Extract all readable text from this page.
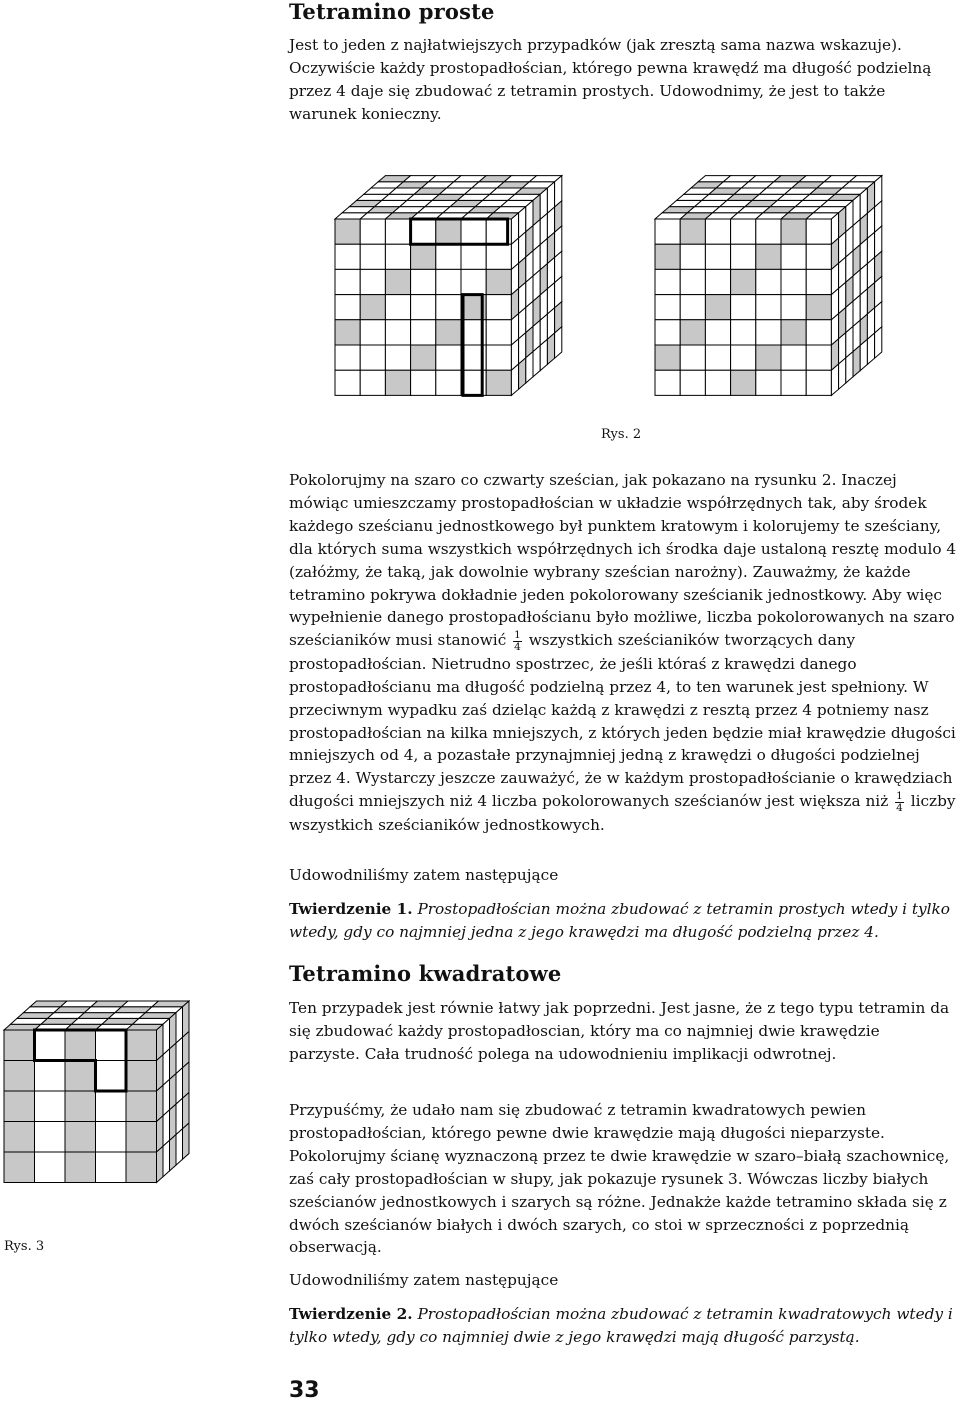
Tetramino proste

Jest to jeden z najłatwiejszych przypadków (jak zresztą sama nazwa wskazuje). Oczywiście każdy prostopadłościan, którego pewna krawędź ma długość podzielną przez 4 daje się zbudować z tetramin prostych. Udowodnimy, że jest to także warunek konieczny.

Rys. 2

Pokolorujmy na szaro co czwarty sześcian, jak pokazano na rysunku 2. Inaczej mówiąc umieszczamy prostopadłościan w układzie współrzędnych tak, aby środek każdego sześcianu jednostkowego był punktem kratowym i kolorujemy te sześciany, dla których suma wszystkich współrzędnych ich środka daje ustaloną resztę modulo 4 (załóżmy, że taką, jak dowolnie wybrany sześcian narożny). Zauważmy, że każde tetramino pokrywa dokładnie jeden pokolorowany sześcianik jednostkowy. Aby więc wypełnienie danego prostopadłościanu było możliwe, liczba pokolorowanych na szaro sześcianików musi stanowić $\frac{1}{4}$ wszystkich sześcianików tworzących dany prostopadłościan. Nietrudno spostrzec, że jeśli któraś z krawędzi danego prostopadłościanu ma długość podzielną przez 4, to ten warunek jest spełniony. W przeciwnym wypadku zaś dzieląc każdą z krawędzi z resztą przez 4 potniemy nasz prostopadłościan na kilka mniejszych, z których jeden będzie miał krawędzie długości mniejszych od 4, a pozastałe przynajmniej jedną z krawędzi o długości podzielnej przez 4. Wystarczy jeszcze zauważyć, że w każdym prostopadłościanie o krawędziach długości mniejszych niż 4 liczba pokolorowanych sześcianów jest większa niż $\frac{1}{4}$ liczby wszystkich sześcianików jednostkowych.

Udowodniliśmy zatem następujące

Twierdzenie 1. Prostopadłościan można zbudować z tetramin prostych wtedy i tylko wtedy, gdy co najmniej jedna z jego krawędzi ma długość podzielną przez 4.

Tetramino kwadratowe

Ten przypadek jest równie łatwy jak poprzedni. Jest jasne, że z tego typu tetramin da się zbudować każdy prostopadłoscian, który ma co najmniej dwie krawędzie parzyste. Cała trudność polega na udowodnieniu implikacji odwrotnej.

Przypuśćmy, że udało nam się zbudować z tetramin kwadratowych pewien prostopadłościan, którego pewne dwie krawędzie mają długości nieparzyste. Pokolorujmy ścianę wyznaczoną przez te dwie krawędzie w szaro–białą szachownicę, zaś cały prostopadłościan w słupy, jak pokazuje rysunek 3. Wówczas liczby białych sześcianów jednostkowych i szarych są różne. Jednakże każde tetramino składa się z dwóch sześcianów białych i dwóch szarych, co stoi w sprzeczności z poprzednią obserwacją.

Rys. 3

Udowodniliśmy zatem następujące

Twierdzenie 2. Prostopadłościan można zbudować z tetramin kwadratowych wtedy i tylko wtedy, gdy co najmniej dwie z jego krawędzi mają długość parzystą.

33
